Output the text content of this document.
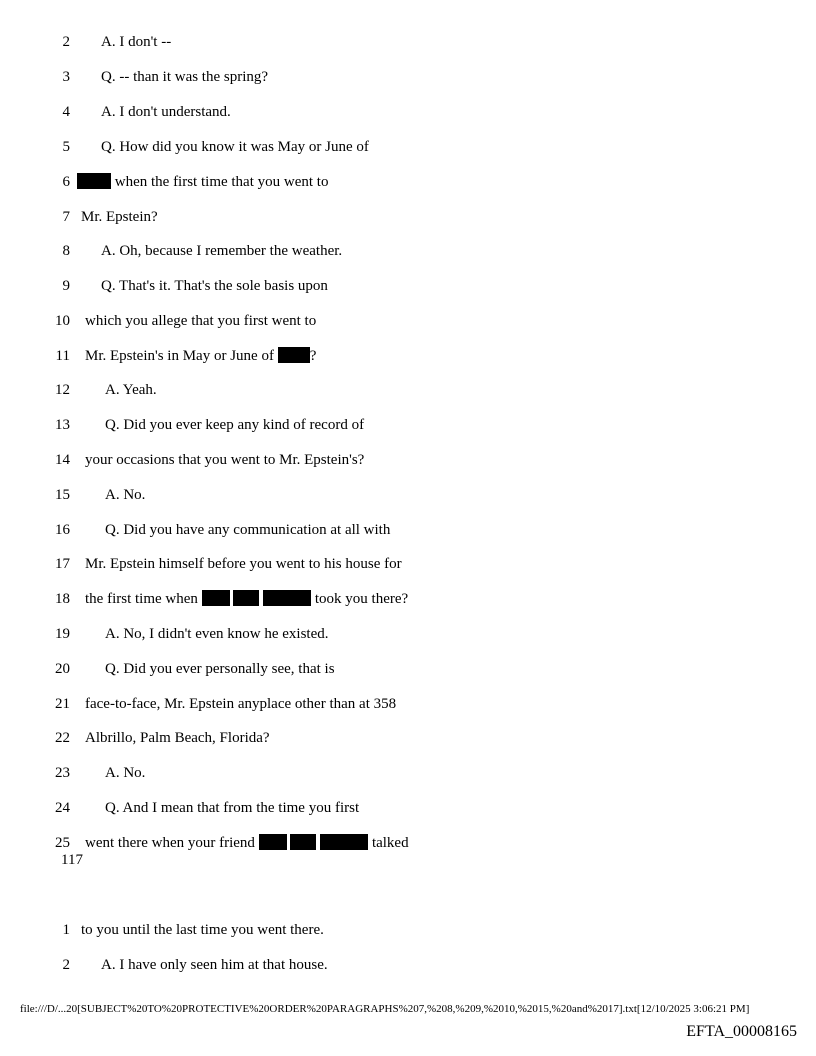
2 A. I don't --
3 Q. -- than it was the spring?
4 A. I don't understand.
5 Q. How did you know it was May or June of
6	when the first time that you went to
7 Mr. Epstein?
8 A. Oh, because I remember the weather.
9 Q. That's it. That's the sole basis upon
10 which you allege that you first went to
11 Mr. Epstein's in May or June of ?
12 A. Yeah.
13 Q. Did you ever keep any kind of record of
14 your occasions that you went to Mr. Epstein's?
15 A. No.
16 Q. Did you have any communication at all with
17 Mr. Epstein himself before you went to his house for
18 the first time when	took you there?
19 A. No, I didn't even know he existed.
20 Q. Did you ever personally see, that is
21 face-to-face, Mr. Epstein anyplace other than at 358
22 Albrillo, Palm Beach, Florida?
23 A. No.
24 Q. And I mean that from the time you first
25 went there when your friend	talked
117
1 to you until the last time you went there.
2 A. I have only seen him at that house.
file:///D/...20[SUBJECT%20TO%20PROTECTIVE%20ORDER%20PARAGRAPHS%207,%208,%209,%2010,%2015,%20and%2017].txt[12/10/2025 3:06:21 PM]
EFTA_00008165
